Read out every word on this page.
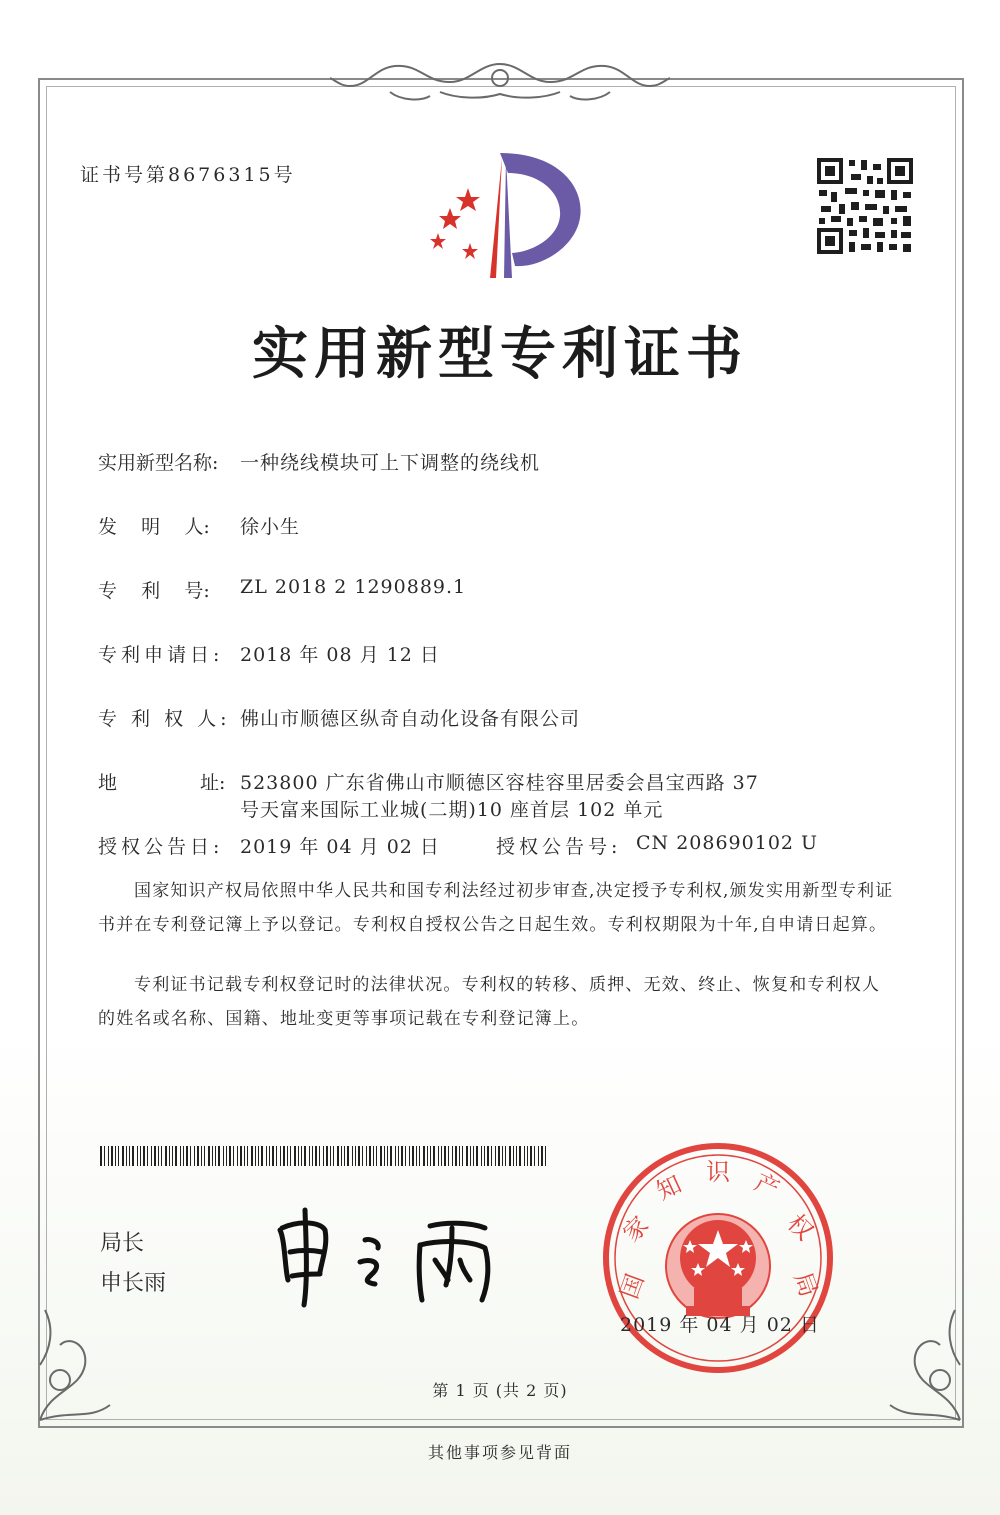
证书号第8676315号
实用新型专利证书
实用新型名称: 一种绕线模块可上下调整的绕线机
发    明    人: 徐小生
专    利    号: ZL 2018 2 1290889.1
专利申请日: 2018 年 08 月 12 日
专 利 权 人: 佛山市顺德区纵奇自动化设备有限公司
地	址: 523800 广东省佛山市顺德区容桂容里居委会昌宝西路 37
号天富来国际工业城(二期)10 座首层 102 单元
授权公告日: 2019 年 04 月 02 日	授权公告号: CN 208690102 U
国家知识产权局依照中华人民共和国专利法经过初步审查,决定授予专利权,颁发实用新型专利证书并在专利登记簿上予以登记。专利权自授权公告之日起生效。专利权期限为十年,自申请日起算。
专利证书记载专利权登记时的法律状况。专利权的转移、质押、无效、终止、恢复和专利权人的姓名或名称、国籍、地址变更等事项记载在专利登记簿上。
局长
申长雨	国
家
知 识 产
权
局
2019 年 04 月 02 日
第 1 页 (共 2 页)
其他事项参见背面
